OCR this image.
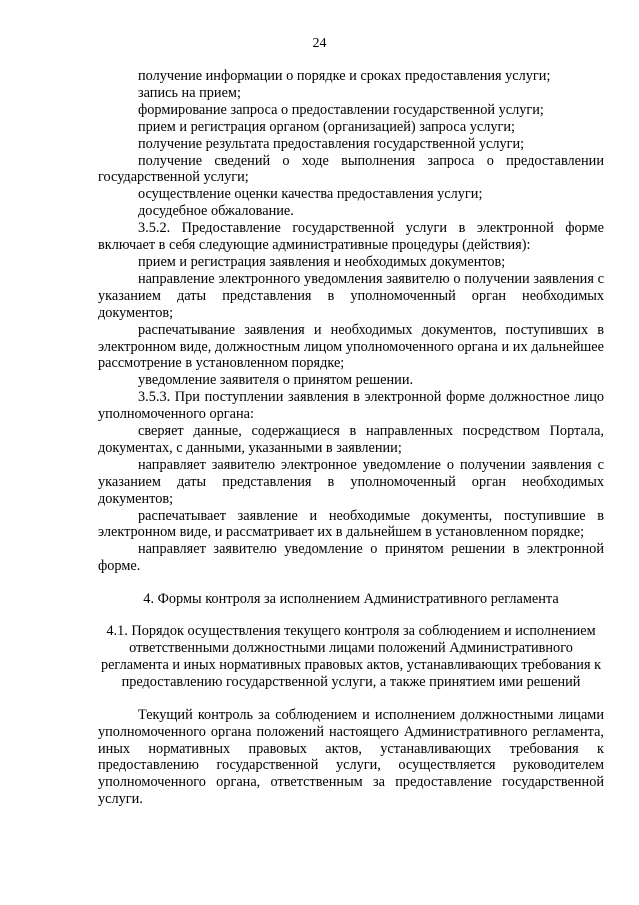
24

получение информации о порядке и сроках предоставления услуги;

запись на прием;

формирование запроса о предоставлении государственной услуги;

прием и регистрация органом (организацией) запроса услуги;

получение результата предоставления государственной услуги;

получение сведений о ходе выполнения запроса о предоставлении государственной услуги;

осуществление оценки качества предоставления услуги;

досудебное обжалование.

3.5.2. Предоставление государственной услуги в электронной форме включает в себя следующие административные процедуры (действия):

прием и регистрация заявления и необходимых документов;

направление электронного уведомления заявителю о получении заявления с указанием даты представления в уполномоченный орган необходимых документов;

распечатывание заявления и необходимых документов, поступивших в электронном виде, должностным лицом уполномоченного органа и их дальнейшее рассмотрение в установленном порядке;

уведомление заявителя о принятом решении.

3.5.3. При поступлении заявления в электронной форме должностное лицо уполномоченного органа:

сверяет данные, содержащиеся в направленных посредством Портала, документах, с данными, указанными в заявлении;

направляет заявителю электронное уведомление о получении заявления с указанием даты представления в уполномоченный орган необходимых документов;

распечатывает заявление и необходимые документы, поступившие в электронном виде, и рассматривает их в дальнейшем в установленном порядке;

направляет заявителю уведомление о принятом решении в электронной форме.

4. Формы контроля за исполнением Административного регламента

4.1. Порядок осуществления текущего контроля за соблюдением и исполнением ответственными должностными лицами положений Административного регламента и иных нормативных правовых актов, устанавливающих требования к предоставлению государственной услуги, а также принятием ими решений

Текущий контроль за соблюдением и исполнением должностными лицами уполномоченного органа положений настоящего Административного регламента, иных нормативных правовых актов, устанавливающих требования к предоставлению государственной услуги, осуществляется руководителем уполномоченного органа, ответственным за предоставление государственной услуги.
